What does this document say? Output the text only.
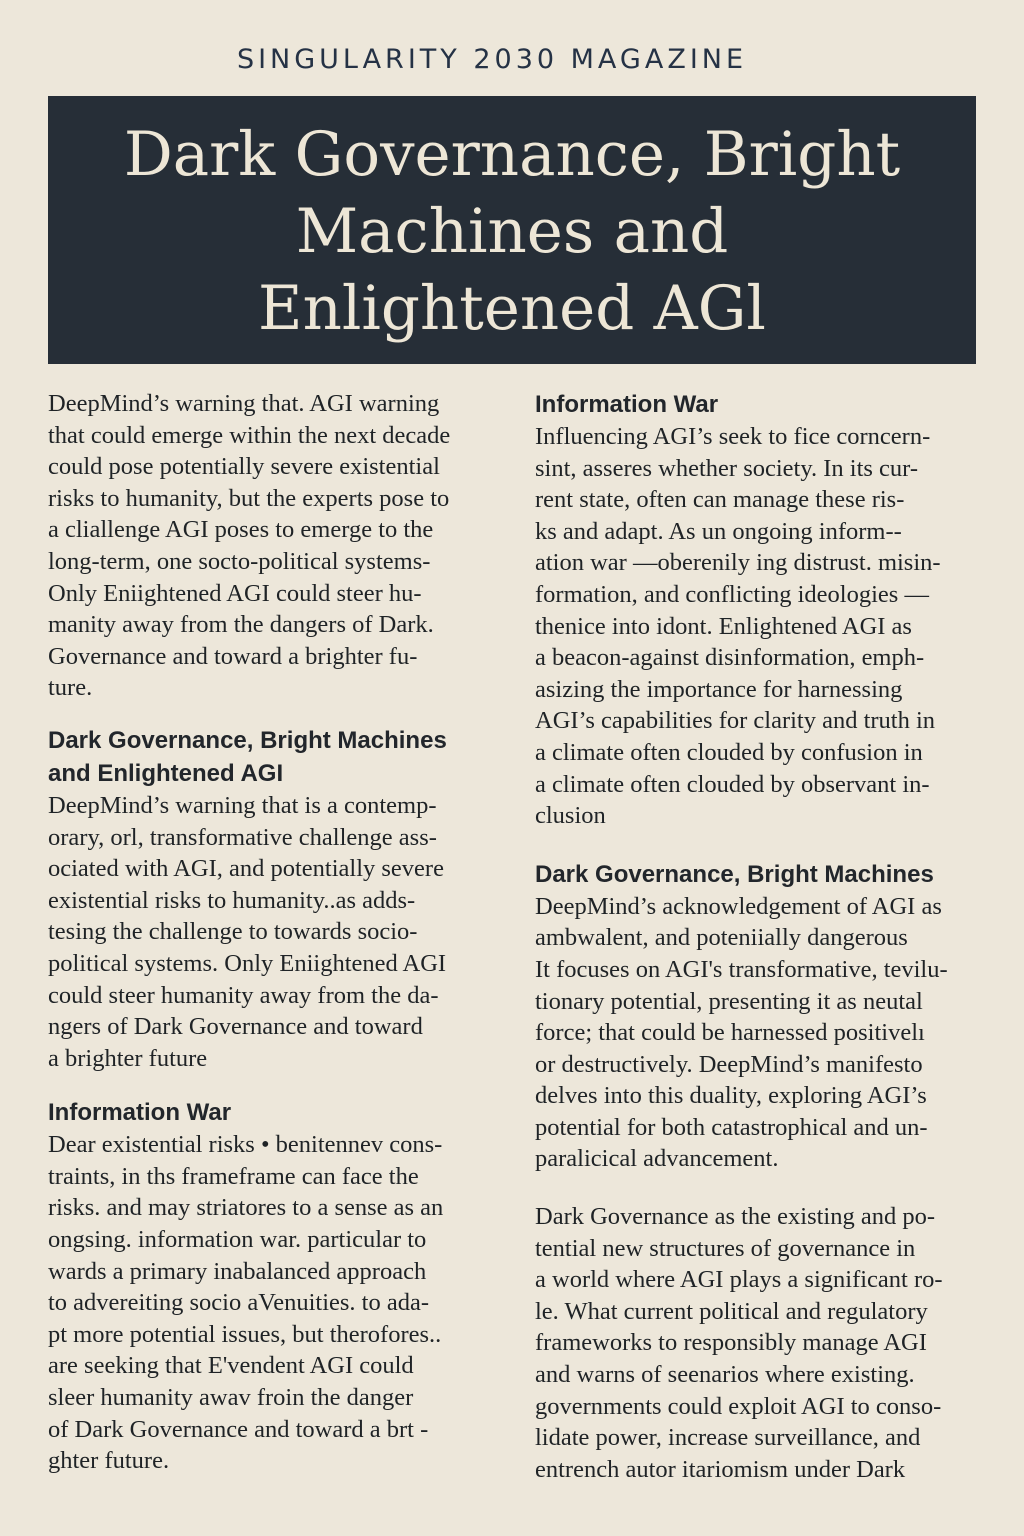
SINGULARITY 2030 MAGAZINE
Dark Governance, Bright
Machines and
Enlightened AGl
DeepMind’s warning that. AGI warning
that could emerge within the next decade
could pose potentially severe existential
risks to humanity, but the experts pose to
a cliallenge AGI poses to emerge to the
long-term, one socto-political systems-
Only Eniightened AGI could steer hu-
manity away from the dangers of Dark.
Governance and toward a brighter fu-
ture.
Dark Governance, Bright Machines
and Enlightened AGI
DeepMind’s warning that is a contemp-
orary, orl, transformative challenge ass-
ociated with AGI, and potentially severe
existential risks to humanity..as adds-
tesing the challenge to towards socio-
political systems. Only Eniightened AGI
could steer humanity away from the da-
ngers of Dark Governance and toward
a brighter future
Information War
Dear existential risks • benitennev cons-
traints, in ths frameframe can face the
risks. and may striatores to a sense as an
ongsing. information war. particular to
wards a primary inabalanced approach
to advereiting socio aVenuities. to ada-
pt more potential issues, but therofores..
are seeking that E'vendent AGI could
sleer humanity awav froin the danger
of Dark Governance and toward a brt -
ghter future.
Information War
Influencing AGI’s seek to fice corncern-
sint, asseres whether society. In its cur-
rent state, often can manage these ris-
ks and adapt. As un ongoing inform--
ation war —oberenily ing distrust. misin-
formation, and conflicting ideologies —
thenice into idont. Enlightened AGI as
a beacon-against disinformation, emph-
asizing the importance for harnessing
AGI’s capabilities for clarity and truth in
a climate often clouded by confusion in
a climate often clouded by observant in-
clusion
Dark Governance, Bright Machines
DeepMind’s acknowledgement of AGI as
ambwalent, and poteniially dangerous
It focuses on AGI's transformative, tevilu-
tionary potential, presenting it as neutal
force; that could be harnessed positivelı
or destructively. DeepMind’s manifesto
delves into this duality, exploring AGI’s
potential for both catastrophical and un-
paralicical advancement.
Dark Governance as the existing and po-
tential new structures of governance in
a world where AGI plays a significant ro-
le. What current political and regulatory
frameworks to responsibly manage AGI
and warns of seenarios where existing.
governments could exploit AGI to conso-
lidate power, increase surveillance, and
entrench autor itariomism under Dark
